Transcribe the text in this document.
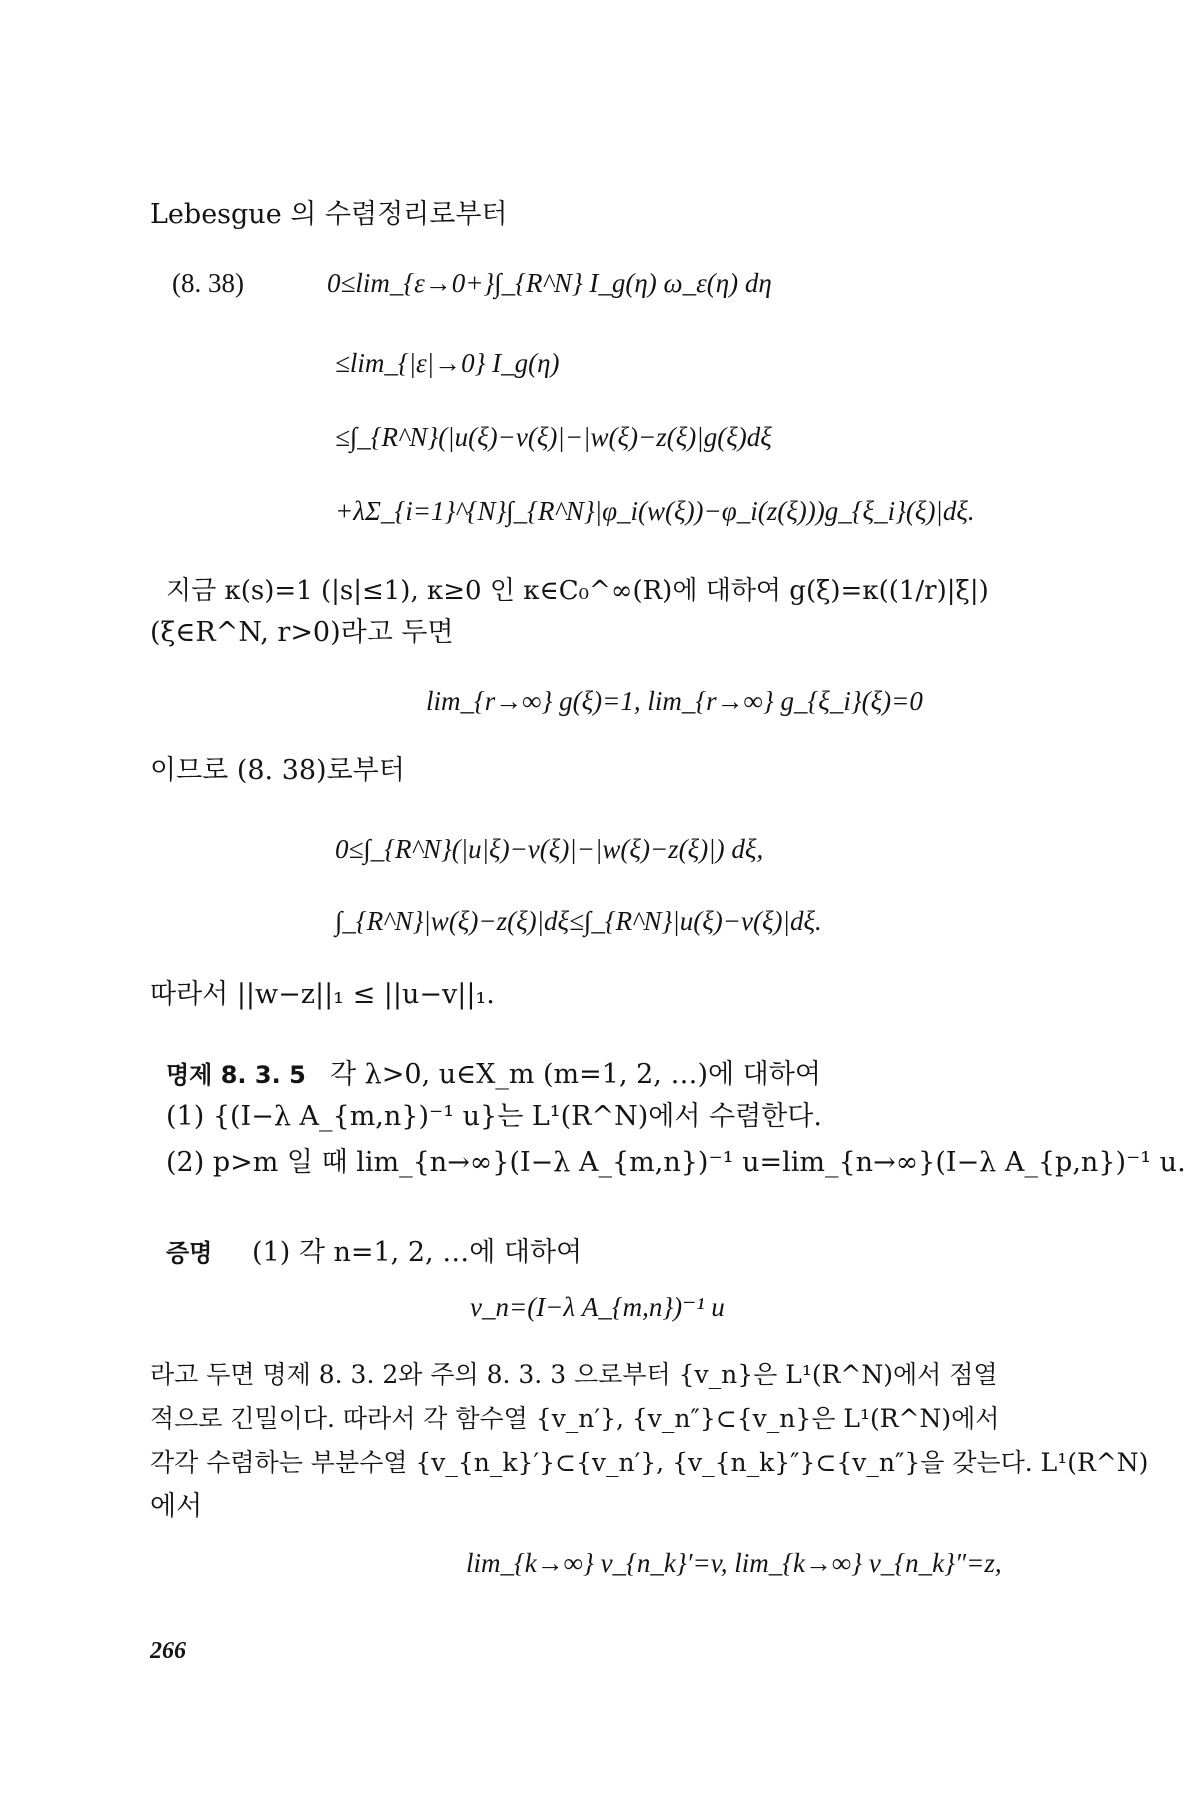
Lebesgue 의 수렴정리로부터
(8. 38)	0≤lim_{ε→0+}∫_{R^N} I_g(η) ω_ε(η) dη
≤lim_{|ε|→0} I_g(η)
≤∫_{R^N}(|u(ξ)−v(ξ)|−|w(ξ)−z(ξ)|g(ξ)dξ
+λΣ_{i=1}^{N}∫_{R^N}|φ_i(w(ξ))−φ_i(z(ξ)))g_{ξ_i}(ξ)|dξ.
지금 κ(s)=1 (|s|≤1), κ≥0 인 κ∈C₀^∞(R)에 대하여 g(ξ)=κ((1/r)|ξ|)
(ξ∈R^N, r>0)라고 두면
lim_{r→∞} g(ξ)=1, lim_{r→∞} g_{ξ_i}(ξ)=0
이므로 (8. 38)로부터
0≤∫_{R^N}(|u|ξ)−v(ξ)|−|w(ξ)−z(ξ)|) dξ,
∫_{R^N}|w(ξ)−z(ξ)|dξ≤∫_{R^N}|u(ξ)−v(ξ)|dξ.
따라서 ||w−z||₁ ≤ ||u−v||₁.
명제 8. 3. 5 각 λ>0, u∈X_m (m=1, 2, …)에 대하여
(1) {(I−λ A_{m,n})⁻¹ u}는 L¹(R^N)에서 수렴한다.
(2) p>m 일 때 lim_{n→∞}(I−λ A_{m,n})⁻¹ u=lim_{n→∞}(I−λ A_{p,n})⁻¹ u.
증명 (1) 각 n=1, 2, …에 대하여
v_n=(I−λ A_{m,n})⁻¹ u
라고 두면 명제 8. 3. 2와 주의 8. 3. 3 으로부터 {v_n}은 L¹(R^N)에서 점열
적으로 긴밀이다. 따라서 각 함수열 {v_n′}, {v_n″}⊂{v_n}은 L¹(R^N)에서
각각 수렴하는 부분수열 {v_{n_k}′}⊂{v_n′}, {v_{n_k}″}⊂{v_n″}을 갖는다. L¹(R^N)
에서
lim_{k→∞} v_{n_k}′=v, lim_{k→∞} v_{n_k}″=z,
266
